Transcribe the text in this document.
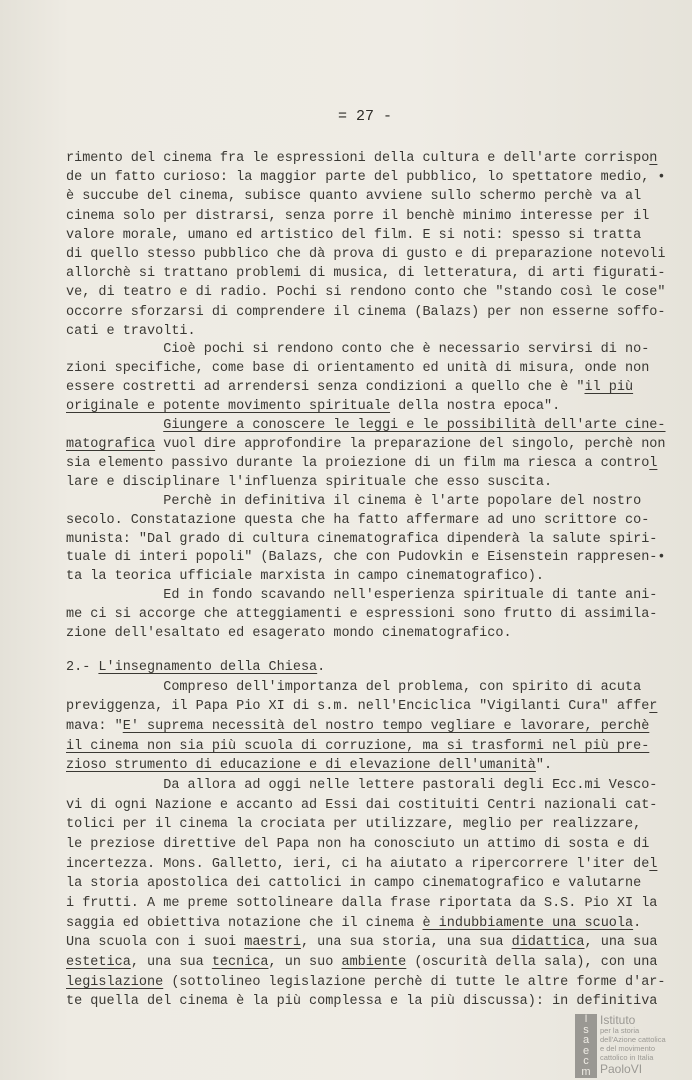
= 27 -
rimento del cinema fra le espressioni della cultura e dell'arte corrispon
de un fatto curioso: la maggior parte del pubblico, lo spettatore medio, •
è succube del cinema, subisce quanto avviene sullo schermo perchè va al
cinema solo per distrarsi, senza porre il benchè minimo interesse per il
valore morale, umano ed artistico del film. E si noti: spesso si tratta
di quello stesso pubblico che dà prova di gusto e di preparazione notevoli
allorchè si trattano problemi di musica, di letteratura, di arti figurati-
ve, di teatro e di radio. Pochi si rendono conto che "stando così le cose"
occorre sforzarsi di comprendere il cinema (Balazs) per non esserne soffo-
cati e travolti.
Cioè pochi si rendono conto che è necessario servirsi di no-
zioni specifiche, come base di orientamento ed unità di misura, onde non
essere costretti ad arrendersi senza condizioni a quello che è "il più
originale e potente movimento spirituale della nostra epoca".
Giungere a conoscere le leggi e le possibilità dell'arte cine-
matografica vuol dire approfondire la preparazione del singolo, perchè non
sia elemento passivo durante la proiezione di un film ma riesca a control
lare e disciplinare l'influenza spirituale che esso suscita.
Perchè in definitiva il cinema è l'arte popolare del nostro
secolo. Constatazione questa che ha fatto affermare ad uno scrittore co-
munista: "Dal grado di cultura cinematografica dipenderà la salute spiri-
tuale di interi popoli" (Balazs, che con Pudovkin e Eisenstein rappresen-•
ta la teorica ufficiale marxista in campo cinematografico).
Ed in fondo scavando nell'esperienza spirituale di tante ani-
me ci si accorge che atteggiamenti e espressioni sono frutto di assimila-
zione dell'esaltato ed esagerato mondo cinematografico.
2.- L'insegnamento della Chiesa.
Compreso dell'importanza del problema, con spirito di acuta
previggenza, il Papa Pio XI di s.m. nell'Enciclica "Vigilanti Cura" affer
mava: "E' suprema necessità del nostro tempo vegliare e lavorare, perchè
il cinema non sia più scuola di corruzione, ma si trasformi nel più pre-
zioso strumento di educazione e di elevazione dell'umanità".
Da allora ad oggi nelle lettere pastorali degli Ecc.mi Vesco-
vi di ogni Nazione e accanto ad Essi dai costituiti Centri nazionali cat-
tolici per il cinema la crociata per utilizzare, meglio per realizzare,
le preziose direttive del Papa non ha conosciuto un attimo di sosta e di
incertezza. Mons. Galletto, ieri, ci ha aiutato a ripercorrere l'iter del
la storia apostolica dei cattolici in campo cinematografico e valutarne
i frutti. A me preme sottolineare dalla frase riportata da S.S. Pio XI la
saggia ed obiettiva notazione che il cinema è indubbiamente una scuola.
Una scuola con i suoi maestri, una sua storia, una sua didattica, una sua
estetica, una sua tecnica, un suo ambiente (oscurità della sala), con una
legislazione (sottolineo legislazione perchè di tutte le altre forme d'ar-
te quella del cinema è la più complessa e la più discussa): in definitiva
I
s
a
e
c
m
Istituto
per la storia
dell'Azione cattolica
e del movimento
cattolico in Italia
PaoloVI
